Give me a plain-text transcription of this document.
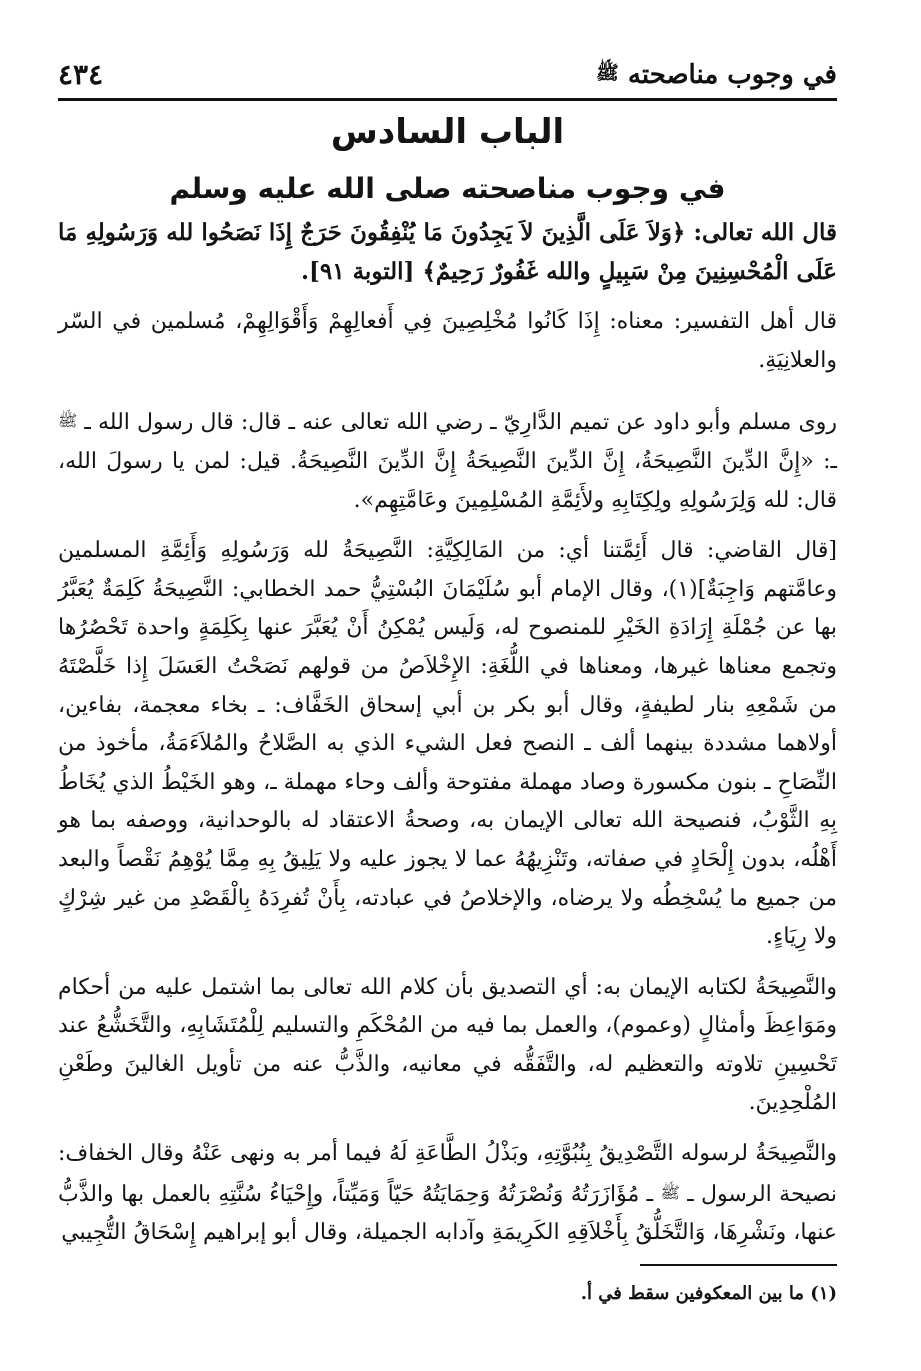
في وجوب مناصحته ﷺ
٤٣٤
الباب السادس
في وجوب مناصحته صلى الله عليه وسلم

قال الله تعالى: ﴿وَلاَ عَلَى الَّذِينَ لاَ يَجِدُونَ مَا يُنْفِقُونَ حَرَجٌ إِذَا نَصَحُوا لله وَرَسُولِهِ مَا عَلَى الْمُحْسِنِينَ مِنْ سَبِيلٍ والله غَفُورٌ رَحِيمٌ﴾ [التوبة ٩١].

قال أهل التفسير: معناه: إِذَا كَانُوا مُخْلِصِينَ فِي أَفعالِهِمْ وَأَقْوَالِهِمْ، مُسلمين في السّر والعلانِيَةِ.

روى مسلم وأبو داود عن تميم الدَّارِيّ ـ رضي الله تعالى عنه ـ قال: قال رسول الله ـ ﷺ ـ: «إِنَّ الدِّينَ النَّصِيحَةُ، إِنَّ الدِّينَ النَّصِيحَةُ إِنَّ الدِّينَ النَّصِيحَةُ. قيل: لمن يا رسولَ الله، قال: لله وَلِرَسُولِهِ ولِكِتَابِهِ ولأَئِمَّةِ المُسْلِمِينَ وعَامَّتِهِم».

[قال القاضي: قال أَئِمَّتنا أي: من المَالِكِيَّةِ: النَّصِيحَةُ لله وَرَسُولِهِ وَأَئِمَّةِ المسلمين وعامَّتهم وَاجِبَةٌ](١)، وقال الإمام أبو سُلَيْمَانَ البُسْتِيُّ حمد الخطابي: النَّصِيحَةُ كَلِمَةٌ يُعَبَّرُ بها عن جُمْلَةِ إِرَادَةِ الخَيْرِ للمنصوح له، وَلَيس يُمْكِنُ أَنْ يُعَبَّرَ عنها بِكَلِمَةٍ واحدة تَحْصُرُها وتجمع معناها غيرها، ومعناها في اللُّغَةِ: الإِخْلاَصُ من قولهم نَصَحْتُ العَسَلَ إِذا خَلَّصْتَهُ من شَمْعِهِ بنار لطيفةٍ، وقال أبو بكر بن أبي إسحاق الخَفَّاف: ـ بخاء معجمة، بفاءين، أولاهما مشددة بينهما ألف ـ النصح فعل الشيء الذي به الصَّلاحُ والمُلاَءَمَةُ، مأخوذ من النِّصَاحِ ـ بنون مكسورة وصاد مهملة مفتوحة وألف وحاء مهملة ـ، وهو الخَيْطُ الذي يُخَاطُ بِهِ الثَّوْبُ، فنصيحة الله تعالى الإيمان به، وصحةُ الاعتقاد له بالوحدانية، ووصفه بما هو أَهْلُه، بدون إِلْحَادٍ في صفاته، وتَنْزِيهُهُ عما لا يجوز عليه ولا يَلِيقُ بِهِ مِمَّا يُوْهِمُ نَقْصاً والبعد من جميع ما يُسْخِطُه ولا يرضاه، والإخلاصُ في عبادته، بِأَنْ تُفرِدَهُ بِالْقَصْدِ من غير شِرْكٍ ولا رِيَاءٍ.

والنَّصِيحَةُ لكتابه الإيمان به: أي التصديق بأن كلام الله تعالى بما اشتمل عليه من أحكام ومَوَاعِظَ وأمثالٍ (وعموم)، والعمل بما فيه من المُحْكَمِ والتسليم لِلْمُتَشَابِهِ، والتَّخَشُّعُ عند تَحْسِينِ تلاوته والتعظيم له، والتَّفَقُّه في معانيه، والذَّبُّ عنه من تأويل الغالينَ وطَعْنِ المُلْحِدِينَ.

والنَّصِيحَةُ لرسوله التَّصْدِيقُ بِنُبُوَّتِهِ، وبَذْلُ الطَّاعَةِ لَهُ فيما أمر به ونهى عَنْهُ وقال الخفاف: نصيحة الرسول ـ ﷺ ـ مُؤَازَرَتُهُ وَنُصْرَتُهُ وَحِمَايَتُهُ حَيّاً وَمَيِّتاً، وإِحْيَاءُ سُنَّتِهِ بالعمل بها والذَّبُّ عنها، ونَشْرِهَا، وَالتَّخَلُّقُ بِأَخْلاَقِهِ الكَرِيمَةِ وآدابه الجميلة، وقال أبو إبراهيم إِسْحَاقُ التُّجِيبي

(١) ما بين المعكوفين سقط في أ.
